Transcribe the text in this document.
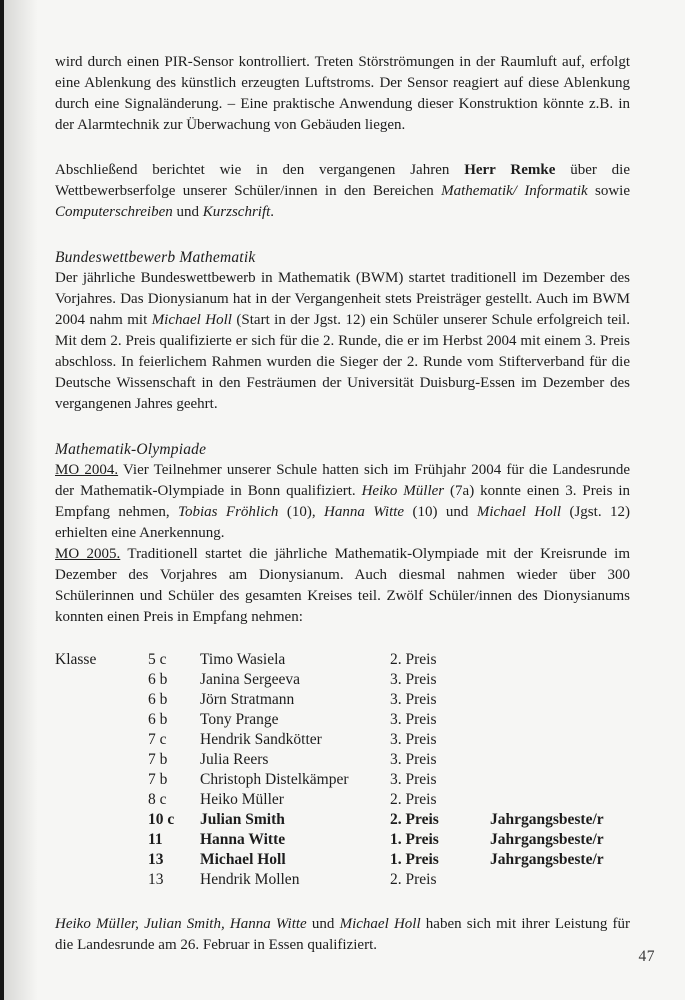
wird durch einen PIR-Sensor kontrolliert. Treten Störströmungen in der Raumluft auf, erfolgt eine Ablenkung des künstlich erzeugten Luftstroms. Der Sensor reagiert auf diese Ablenkung durch eine Signaländerung. – Eine praktische Anwendung dieser Konstruktion könnte z.B. in der Alarmtechnik zur Überwachung von Gebäuden liegen.

Abschließend berichtet wie in den vergangenen Jahren Herr Remke über die Wettbewerbserfolge unserer Schüler/innen in den Bereichen Mathematik/ Informatik sowie Computerschreiben und Kurzschrift.

Bundeswettbewerb Mathematik

Der jährliche Bundeswettbewerb in Mathematik (BWM) startet traditionell im Dezember des Vorjahres. Das Dionysianum hat in der Vergangenheit stets Preisträger gestellt. Auch im BWM 2004 nahm mit Michael Holl (Start in der Jgst. 12) ein Schüler unserer Schule erfolgreich teil. Mit dem 2. Preis qualifizierte er sich für die 2. Runde, die er im Herbst 2004 mit einem 3. Preis abschloss. In feierlichem Rahmen wurden die Sieger der 2. Runde vom Stifterverband für die Deutsche Wissenschaft in den Festräumen der Universität Duisburg-Essen im Dezember des vergangenen Jahres geehrt.

Mathematik-Olympiade

MO 2004. Vier Teilnehmer unserer Schule hatten sich im Frühjahr 2004 für die Landesrunde der Mathematik-Olympiade in Bonn qualifiziert. Heiko Müller (7a) konnte einen 3. Preis in Empfang nehmen, Tobias Fröhlich (10), Hanna Witte (10) und Michael Holl (Jgst. 12) erhielten eine Anerkennung.

MO 2005. Traditionell startet die jährliche Mathematik-Olympiade mit der Kreisrunde im Dezember des Vorjahres am Dionysianum. Auch diesmal nahmen wieder über 300 Schülerinnen und Schüler des gesamten Kreises teil. Zwölf Schüler/innen des Dionysianums konnten einen Preis in Empfang nehmen:

Klasse	5 c	Timo Wasiela	2. Preis
6 b	Janina Sergeeva	3. Preis
6 b	Jörn Stratmann	3. Preis
6 b	Tony Prange	3. Preis
7 c	Hendrik Sandkötter	3. Preis
7 b	Julia Reers	3. Preis
7 b	Christoph Distelkämper	3. Preis
8 c	Heiko Müller	2. Preis
10 c	Julian Smith	2. Preis	Jahrgangsbeste/r
11	Hanna Witte	1. Preis	Jahrgangsbeste/r
13	Michael Holl	1. Preis	Jahrgangsbeste/r
13	Hendrik Mollen	2. Preis

Heiko Müller, Julian Smith, Hanna Witte und Michael Holl haben sich mit ihrer Leistung für die Landesrunde am 26. Februar in Essen qualifiziert.

47
